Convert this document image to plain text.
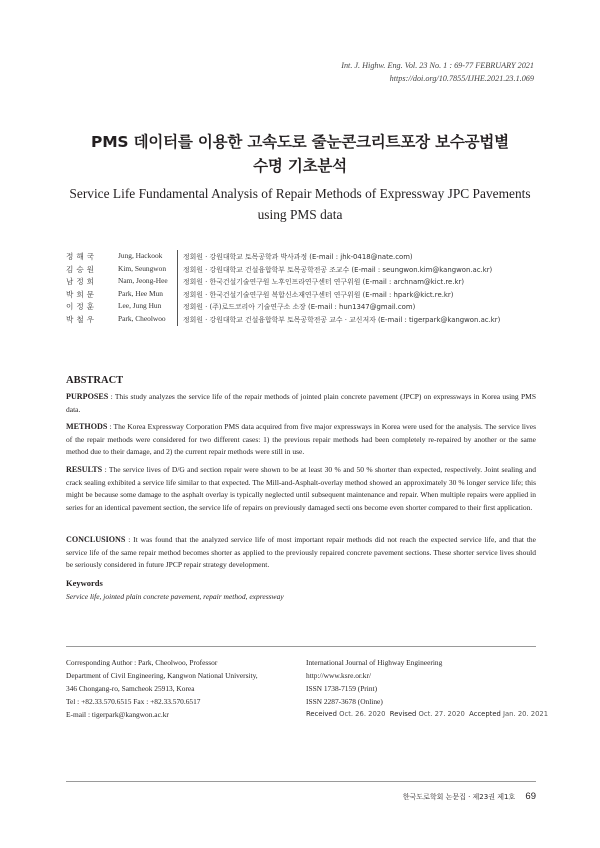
Int. J. Highw. Eng. Vol. 23 No. 1 : 69-77 FEBRUARY 2021
https://doi.org/10.7855/IJHE.2021.23.1.069
PMS 데이터를 이용한 고속도로 줄눈콘크리트포장 보수공법별
수명 기초분석
Service Life Fundamental Analysis of Repair Methods of Expressway JPC Pavements
using PMS data
정해국	Jung, Hackook	정회원 · 강원대학교 토목공학과 박사과정 (E-mail : jhk-0418@nate.com)
김승원	Kim, Seungwon 정회원 · 강원대학교 건설융합학부 토목공학전공 조교수 (E-mail : seungwon.kim@kangwon.ac.kr)
남정희	Nam, Jeong-Hee 정회원 · 한국건설기술연구원 노후인프라연구센터 연구위원 (E-mail : archnam@kict.re.kr)
박희문	Park, Hee Mun	정회원 · 한국건설기술연구원 복합신소재연구센터 연구위원 (E-mail : hpark@kict.re.kr)
이정훈	Lee, Jung Hun	정회원 · (주)로드코리아 기술연구소 소장 (E-mail : hun1347@gmail.com)
박철우	Park, Cheolwoo	정회원 · 강원대학교 건설융합학부 토목공학전공 교수 · 교신저자 (E-mail : tigerpark@kangwon.ac.kr)
ABSTRACT
PURPOSES : This study analyzes the service life of the repair methods of jointed plain concrete pavement (JPCP) on expressways in Korea using PMS data.
METHODS : The Korea Expressway Corporation PMS data acquired from five major expressways in Korea were used for the analysis. The service lives of the repair methods were considered for two different cases: 1) the previous repair methods had been completely re-repaired by another or the same method due to their damage, and 2) the current repair methods were still in use.
RESULTS : The service lives of D/G and section repair were shown to be at least 30 % and 50 % shorter than expected, respectively. Joint sealing and crack sealing exhibited a service life similar to that expected. The Mill-and-Asphalt-overlay method showed an approximately 30 % longer service life; this might be because some damage to the asphalt overlay is typically neglected until subsequent maintenance and repair. When multiple repairs were applied in series for an identical pavement section, the service life of repairs on previously damaged secti ons become even shorter compared to their first application.
CONCLUSIONS : It was found that the analyzed service life of most important repair methods did not reach the expected service life, and that the service life of the same repair method becomes shorter as applied to the previously repaired concrete pavement sections. These shorter service lives should be seriously considered in future JPCP repair strategy development.
Keywords
Service life, jointed plain concrete pavement, repair method, expressway
Corresponding Author : Park, Cheolwoo, Professor
Department of Civil Engineering, Kangwon National University,
346 Chongang-ro, Samcheok 25913, Korea
Tel : +82.33.570.6515 Fax : +82.33.570.6517
E-mail : tigerpark@kangwon.ac.kr
International Journal of Highway Engineering
http://www.ksre.or.kr/
ISSN 1738-7159 (Print)
ISSN 2287-3678 (Online)
Received Oct. 26. 2020 Revised Oct. 27. 2020 Accepted Jan. 20. 2021
한국도로학회 논문집 · 제23권 제1호 69
